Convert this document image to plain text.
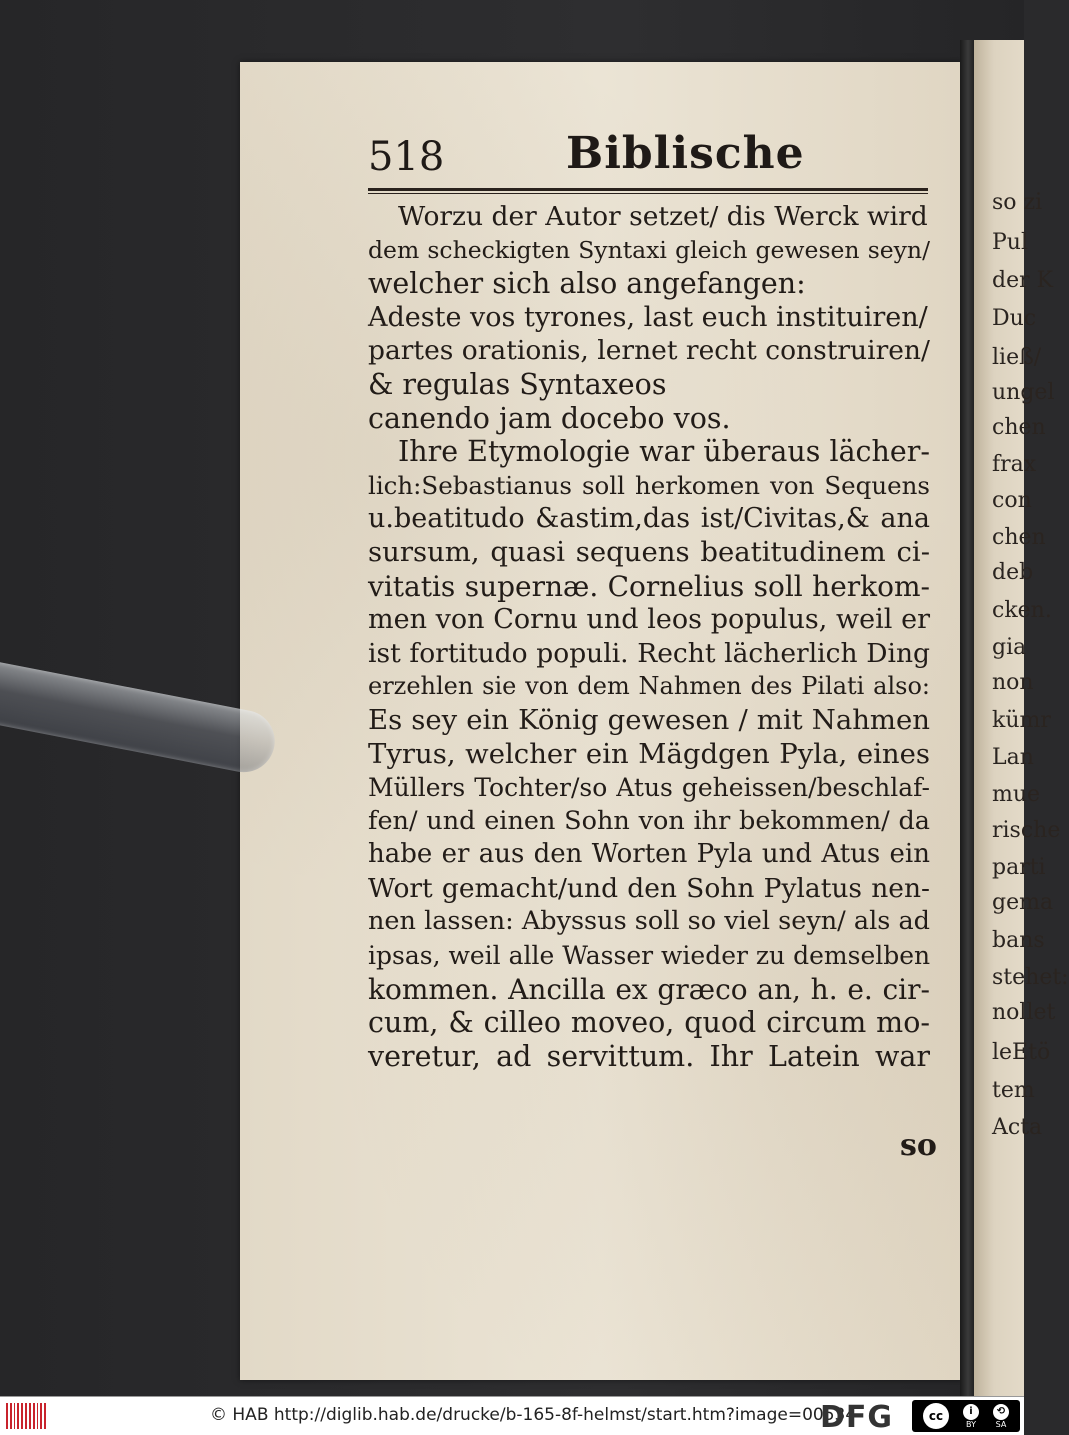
so zi
Pul
der K
Duc
ließ/
ungel
chen
frax
con
chen
deb
cken.
gia
non
kümr
Lan
mue
rische
parti
gema
bans
stehet:
nollet
leEtö
tem
Acta
518	Biblische
Worzu der Autor setzet/ dis Werck wird
dem scheckigten Syntaxi gleich gewesen seyn/
welcher sich also angefangen:
Adeste vos tyrones, last euch instituiren/
partes orationis, lernet recht construiren/
& regulas Syntaxeos
canendo jam docebo vos.
Ihre Etymologie war überaus lächer-
lich:Sebastianus soll herkomen von Sequens
u.beatitudo &astim,das ist/Civitas,& ana
sursum, quasi sequens beatitudinem ci-
vitatis supernæ. Cornelius soll herkom-
men von Cornu und leos populus, weil er
ist fortitudo populi. Recht lächerlich Ding
erzehlen sie von dem Nahmen des Pilati also:
Es sey ein König gewesen / mit Nahmen
Tyrus, welcher ein Mägdgen Pyla, eines
Müllers Tochter/so Atus geheissen/beschlaf-
fen/ und einen Sohn von ihr bekommen/ da
habe er aus den Worten Pyla und Atus ein
Wort gemacht/und den Sohn Pylatus nen-
nen lassen: Abyssus soll so viel seyn/ als ad
ipsas, weil alle Wasser wieder zu demselben
kommen. Ancilla ex græco an, h. e. cir-
cum, & cilleo moveo, quod circum mo-
veretur, ad servittum. Ihr Latein war
so
© HAB http://diglib.hab.de/drucke/b-165-8f-helmst/start.htm?image=00534
DFG	cc	i
BY
⟲
SA
